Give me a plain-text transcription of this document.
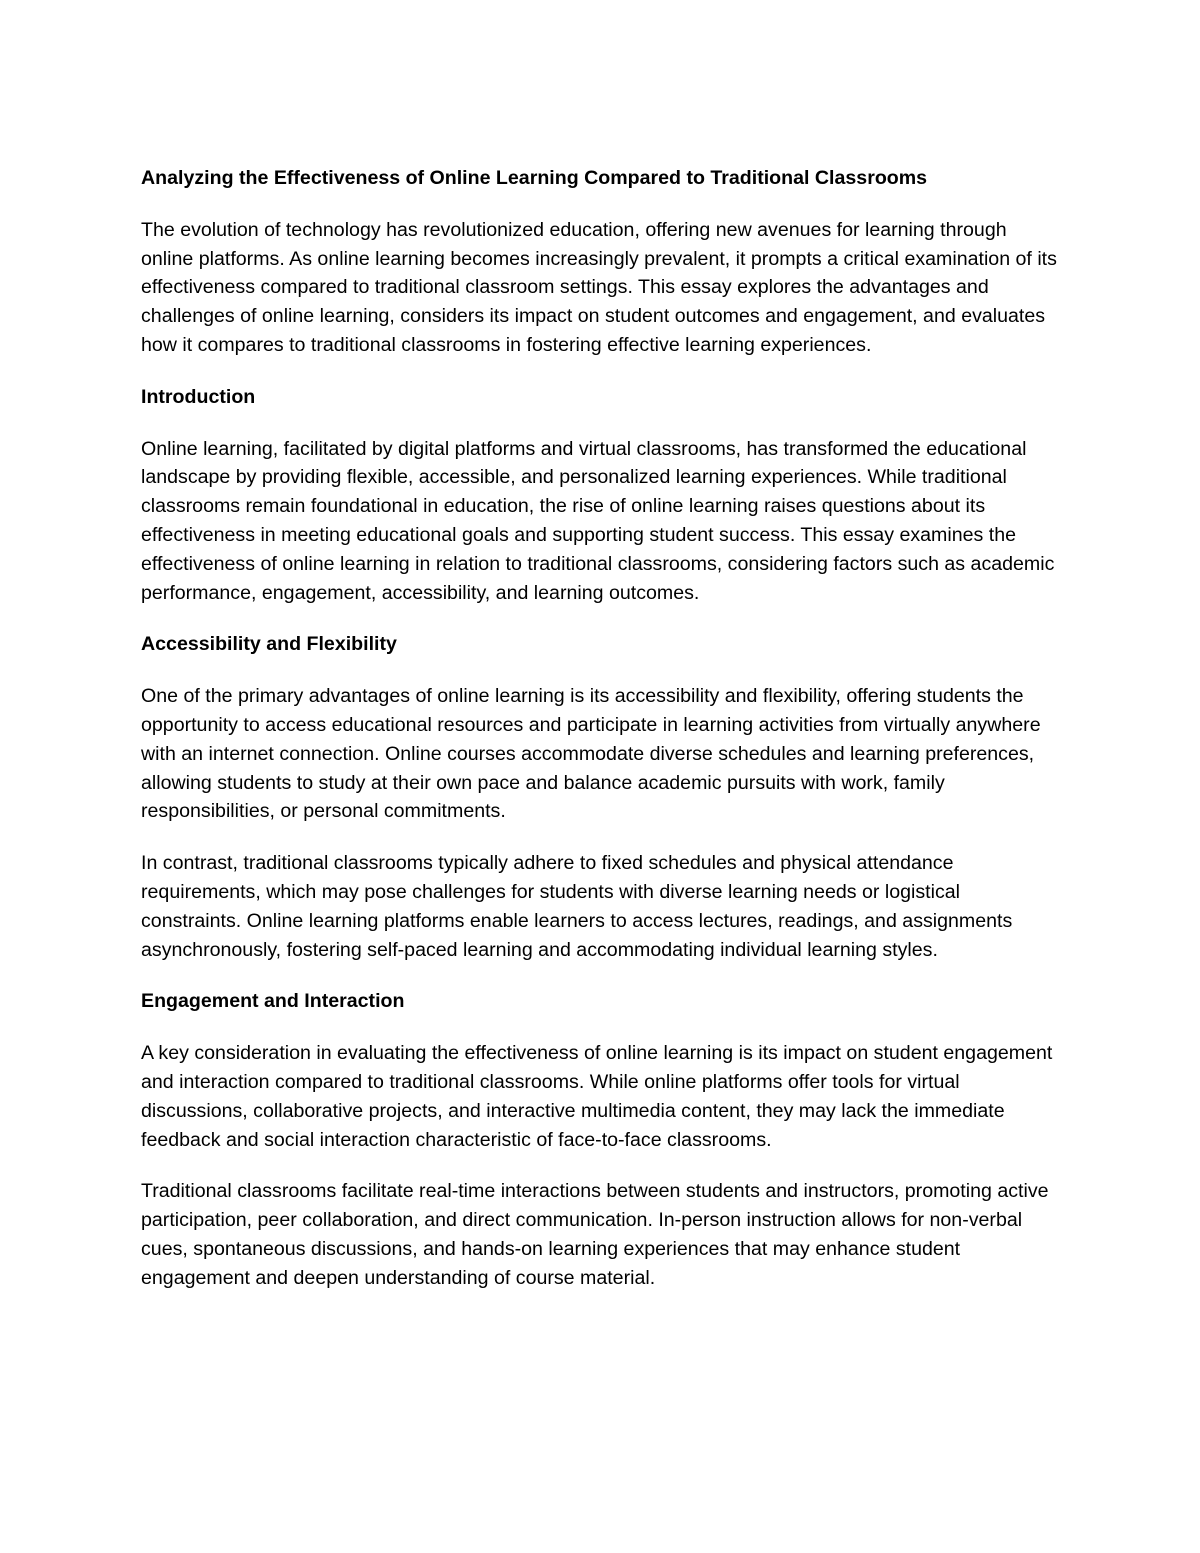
Analyzing the Effectiveness of Online Learning Compared to Traditional Classrooms
The evolution of technology has revolutionized education, offering new avenues for learning through online platforms. As online learning becomes increasingly prevalent, it prompts a critical examination of its effectiveness compared to traditional classroom settings. This essay explores the advantages and challenges of online learning, considers its impact on student outcomes and engagement, and evaluates how it compares to traditional classrooms in fostering effective learning experiences.
Introduction
Online learning, facilitated by digital platforms and virtual classrooms, has transformed the educational landscape by providing flexible, accessible, and personalized learning experiences. While traditional classrooms remain foundational in education, the rise of online learning raises questions about its effectiveness in meeting educational goals and supporting student success. This essay examines the effectiveness of online learning in relation to traditional classrooms, considering factors such as academic performance, engagement, accessibility, and learning outcomes.
Accessibility and Flexibility
One of the primary advantages of online learning is its accessibility and flexibility, offering students the opportunity to access educational resources and participate in learning activities from virtually anywhere with an internet connection. Online courses accommodate diverse schedules and learning preferences, allowing students to study at their own pace and balance academic pursuits with work, family responsibilities, or personal commitments.
In contrast, traditional classrooms typically adhere to fixed schedules and physical attendance requirements, which may pose challenges for students with diverse learning needs or logistical constraints. Online learning platforms enable learners to access lectures, readings, and assignments asynchronously, fostering self-paced learning and accommodating individual learning styles.
Engagement and Interaction
A key consideration in evaluating the effectiveness of online learning is its impact on student engagement and interaction compared to traditional classrooms. While online platforms offer tools for virtual discussions, collaborative projects, and interactive multimedia content, they may lack the immediate feedback and social interaction characteristic of face-to-face classrooms.
Traditional classrooms facilitate real-time interactions between students and instructors, promoting active participation, peer collaboration, and direct communication. In-person instruction allows for non-verbal cues, spontaneous discussions, and hands-on learning experiences that may enhance student engagement and deepen understanding of course material.
